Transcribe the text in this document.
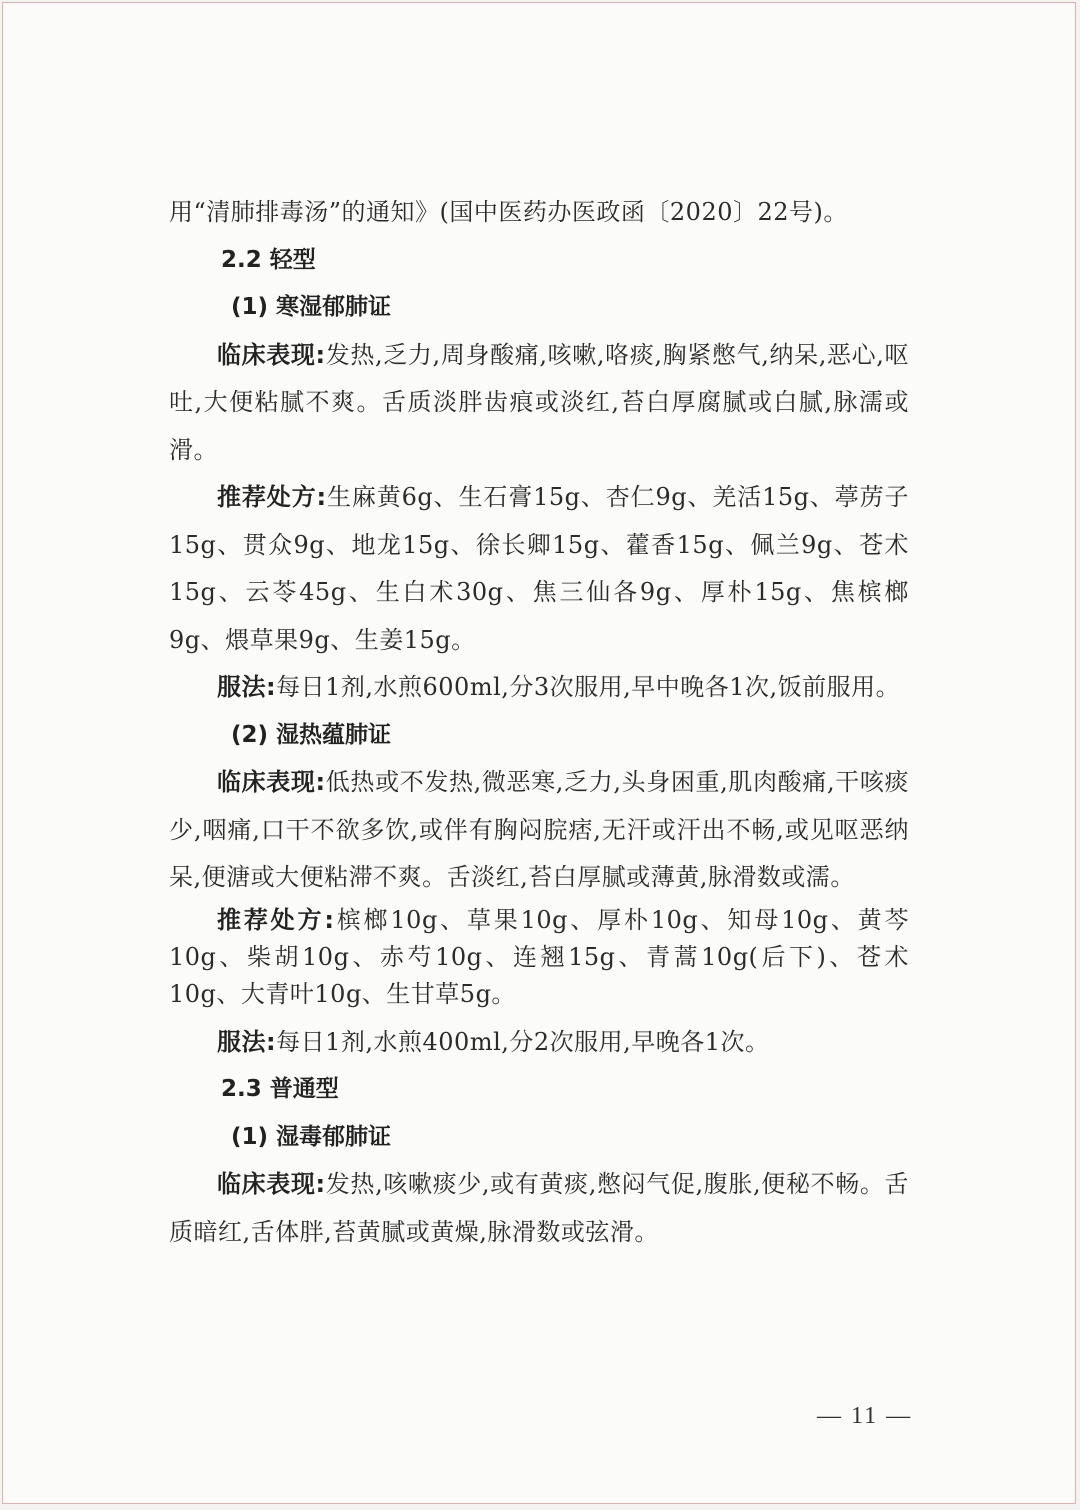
用“清肺排毒汤”的通知》(国中医药办医政函〔2020〕22号)。

2.2 轻型

(1) 寒湿郁肺证

临床表现:发热,乏力,周身酸痛,咳嗽,咯痰,胸紧憋气,纳呆,恶心,呕吐,大便粘腻不爽。舌质淡胖齿痕或淡红,苔白厚腐腻或白腻,脉濡或滑。

推荐处方:生麻黄6g、生石膏15g、杏仁9g、羌活15g、葶苈子15g、贯众9g、地龙15g、徐长卿15g、藿香15g、佩兰9g、苍术15g、云苓45g、生白术30g、焦三仙各9g、厚朴15g、焦槟榔9g、煨草果9g、生姜15g。

服法:每日1剂,水煎600ml,分3次服用,早中晚各1次,饭前服用。

(2) 湿热蕴肺证

临床表现:低热或不发热,微恶寒,乏力,头身困重,肌肉酸痛,干咳痰少,咽痛,口干不欲多饮,或伴有胸闷脘痞,无汗或汗出不畅,或见呕恶纳呆,便溏或大便粘滞不爽。舌淡红,苔白厚腻或薄黄,脉滑数或濡。

推荐处方:槟榔10g、草果10g、厚朴10g、知母10g、黄芩10g、柴胡10g、赤芍10g、连翘15g、青蒿10g(后下)、苍术10g、大青叶10g、生甘草5g。

服法:每日1剂,水煎400ml,分2次服用,早晚各1次。

2.3 普通型

(1) 湿毒郁肺证

临床表现:发热,咳嗽痰少,或有黄痰,憋闷气促,腹胀,便秘不畅。舌质暗红,舌体胖,苔黄腻或黄燥,脉滑数或弦滑。

— 11 —
